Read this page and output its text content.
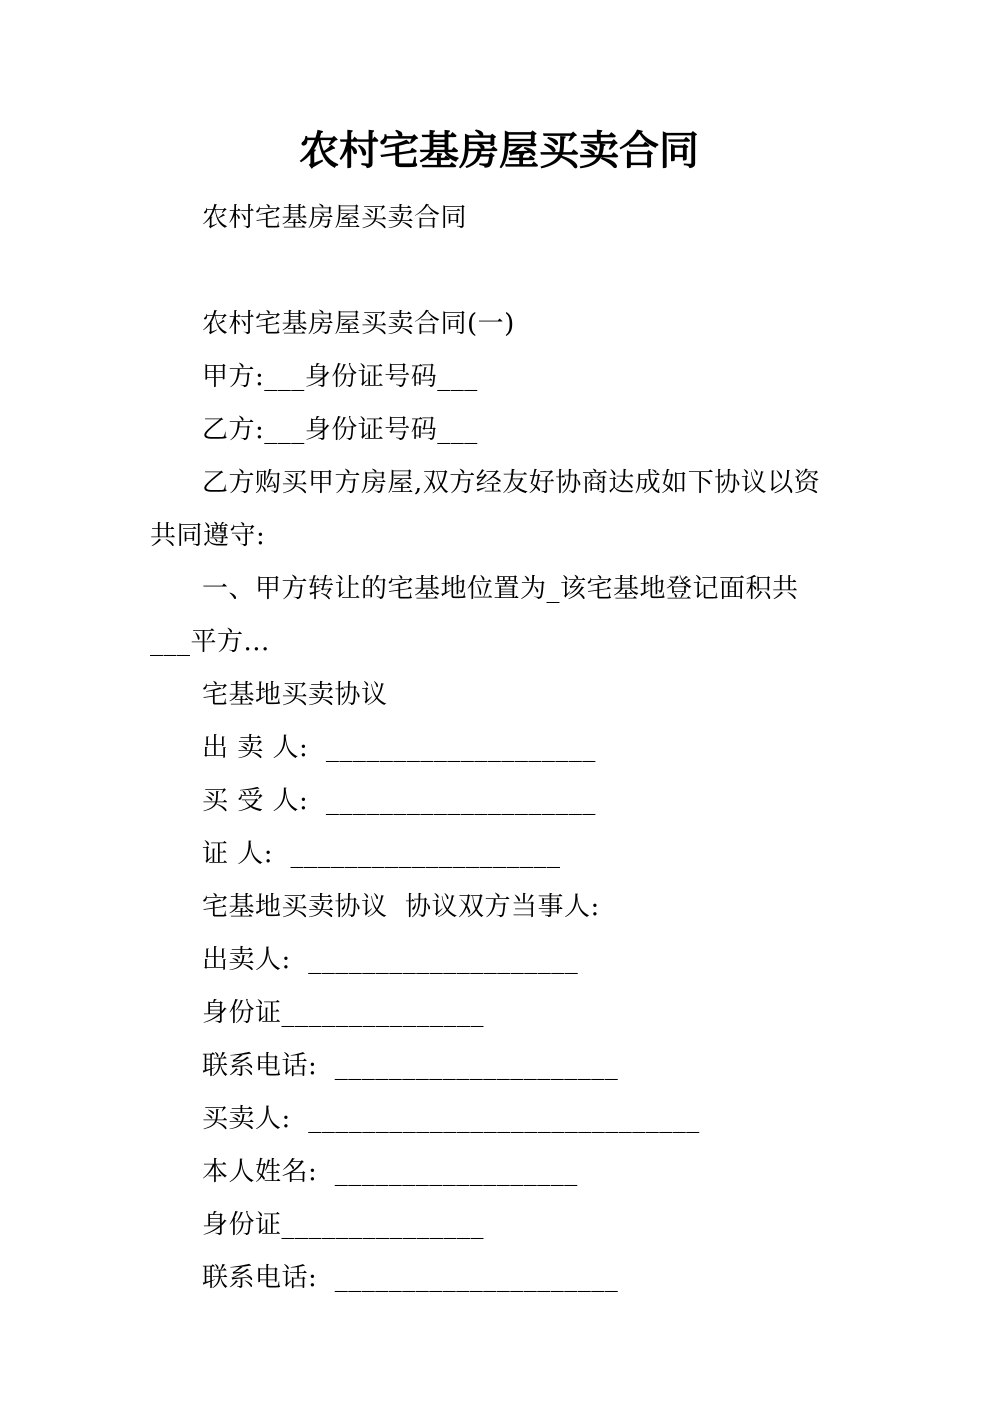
农村宅基房屋买卖合同
农村宅基房屋买卖合同
农村宅基房屋买卖合同(一)
甲方:___身份证号码___
乙方:___身份证号码___
乙方购买甲方房屋,双方经友好协商达成如下协议以资
共同遵守:
一、甲方转让的宅基地位置为_该宅基地登记面积共
___平方...
宅基地买卖协议
出 卖 人:  ____________________
买 受 人:  ____________________
证 人:  ____________________
宅基地买卖协议  协议双方当事人:
出卖人:  ____________________
身份证_______________
联系电话:  _____________________
买卖人:  _____________________________
本人姓名:  __________________
身份证_______________
联系电话:  _____________________
